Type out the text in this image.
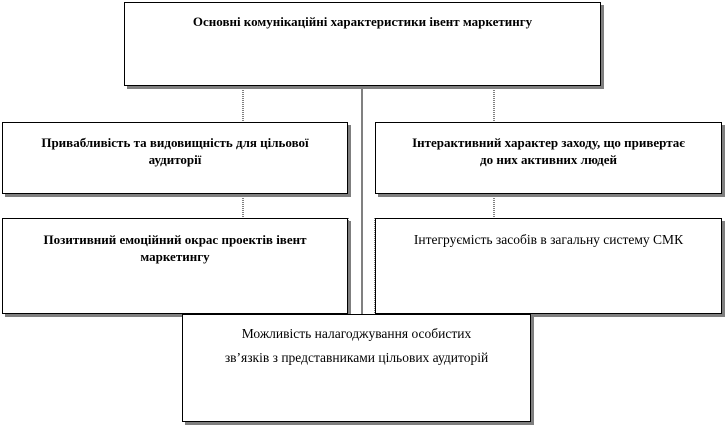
Основні комунікаційні характеристики івент маркетингу
Привабливість та видовищність для цільової
аудиторії
Інтерактивний характер заходу, що привертає
до них активних людей
Позитивний емоційний окрас проектів івент
маркетингу
Інтегруємість засобів в загальну систему СМК
Можливість налагоджування особистих
зв’язків з представниками цільових аудиторій
